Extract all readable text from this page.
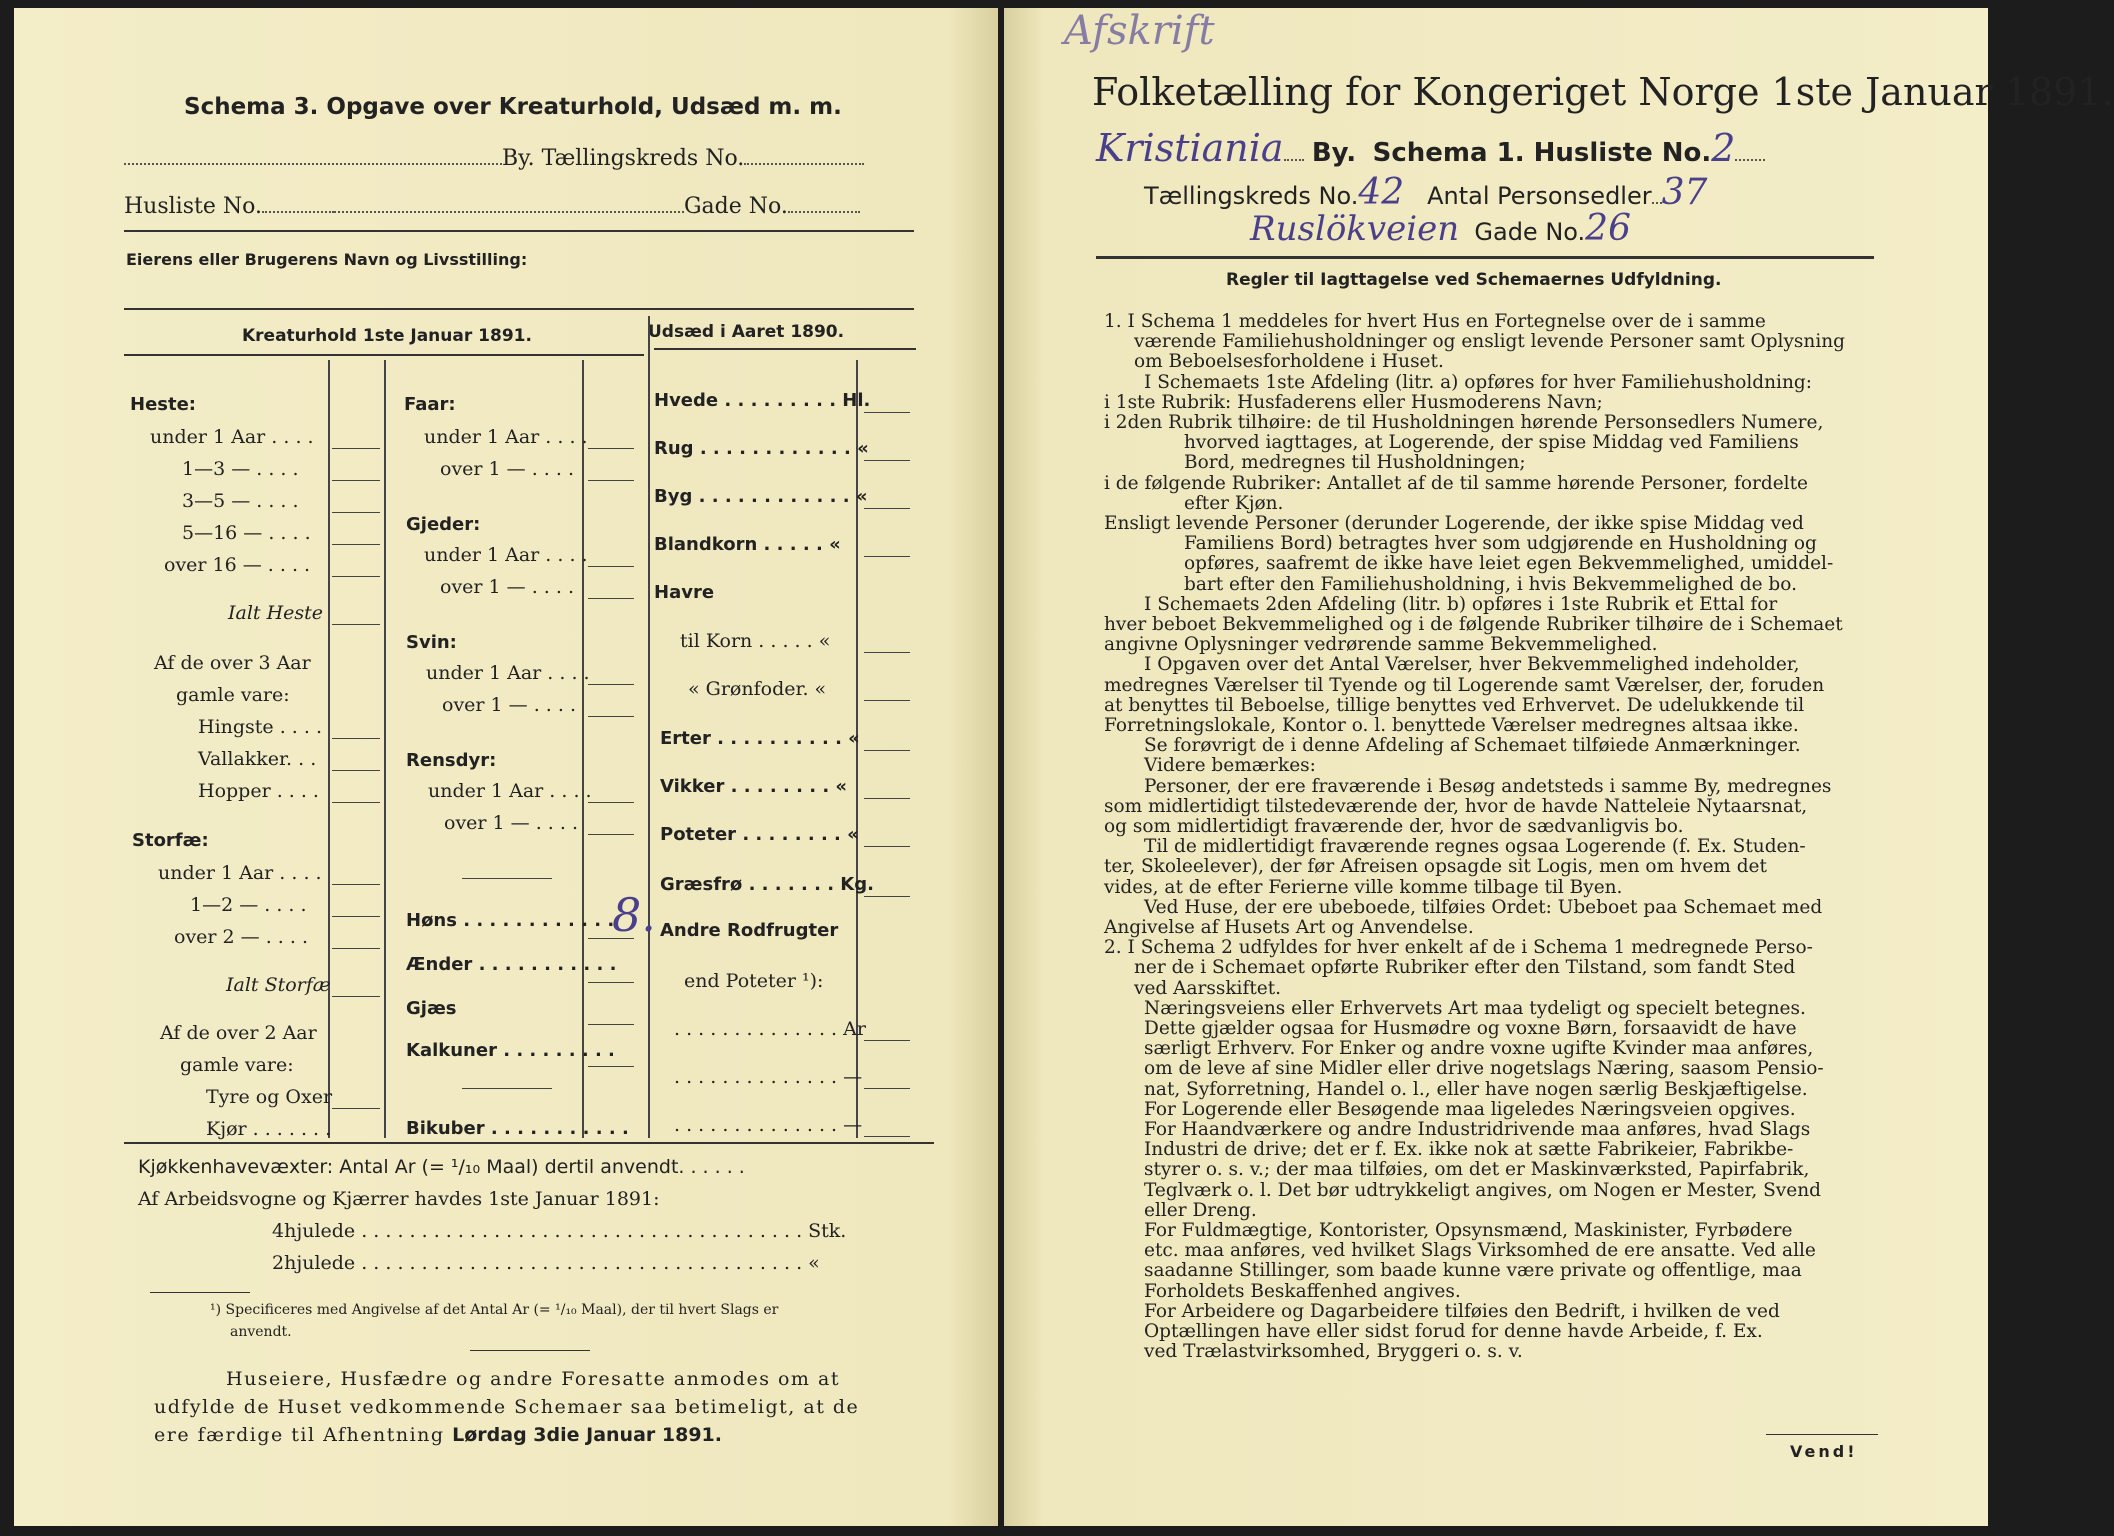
Schema 3. Opgave over Kreaturhold, Udsæd m. m.
By. Tællingskreds No.
Husliste No.	Gade No.
Eierens eller Brugerens Navn og Livsstilling:
Kreaturhold 1ste Januar 1891.	Udsæd i Aaret 1890.
Heste:
under 1 Aar . . . .
1—3 — . . . .
3—5 — . . . .
5—16 — . . . .
over 16 — . . . .
Ialt Heste
Af de over 3 Aar
gamle vare:
Hingste . . . .
Vallakker. . .
Hopper . . . .
Storfæ:
under 1 Aar . . . .
1—2 — . . . .
over 2 — . . . .
Ialt Storfæ
Af de over 2 Aar
gamle vare:
Tyre og Oxer
Kjør . . . . . . .
Faar:
under 1 Aar . . . .
over 1 — . . . .
Gjeder:
under 1 Aar . . . .
over 1 — . . . .
Svin:
under 1 Aar . . . .
over 1 — . . . .
Rensdyr:
under 1 Aar . . . .
over 1 — . . . .
Høns . . . . . . . . . . . .
8.
Ænder . . . . . . . . . . .
Gjæs
Kalkuner . . . . . . . . .
Bikuber . . . . . . . . . . .
Hvede . . . . . . . . . Hl.
Rug . . . . . . . . . . . . «
Byg . . . . . . . . . . . . «
Blandkorn . . . . . «
Havre
til Korn . . . . . «
« Grønfoder. «
Erter . . . . . . . . . . «
Vikker . . . . . . . . «
Poteter . . . . . . . . «
Græsfrø . . . . . . . Kg.
Andre Rodfrugter
end Poteter ¹):
. . . . . . . . . . . . . . Ar
. . . . . . . . . . . . . . —
. . . . . . . . . . . . . . —
Kjøkkenhavevæxter: Antal Ar (= ¹/₁₀ Maal) dertil anvendt. . . . . .
Af Arbeidsvogne og Kjærrer havdes 1ste Januar 1891:
4hjulede . . . . . . . . . . . . . . . . . . . . . . . . . . . . . . . . . . . . . Stk.
2hjulede . . . . . . . . . . . . . . . . . . . . . . . . . . . . . . . . . . . . . «
¹) Specificeres med Angivelse af det Antal Ar (= ¹/₁₀ Maal), der til hvert Slags er
anvendt.
Huseiere, Husfædre og andre Foresatte anmodes om at
udfylde de Huset vedkommende Schemaer saa betimeligt, at de
ere færdige til Afhentning Lørdag 3die Januar 1891.
Afskrift
Folketælling for Kongeriget Norge 1ste Januar 1891.
Kristiania By. Schema 1. Husliste No.2
Tællingskreds No.42 Antal Personsedler 37
Ruslökveien Gade No.26
Regler til Iagttagelse ved Schemaernes Udfyldning.
1. I Schema 1 meddeles for hvert Hus en Fortegnelse over de i samme
værende Familiehusholdninger og ensligt levende Personer samt Oplysning
om Beboelsesforholdene i Huset.
I Schemaets 1ste Afdeling (litr. a) opføres for hver Familiehusholdning:
i 1ste Rubrik: Husfaderens eller Husmoderens Navn;
i 2den Rubrik tilhøire: de til Husholdningen hørende Personsedlers Numere,
hvorved iagttages, at Logerende, der spise Middag ved Familiens
Bord, medregnes til Husholdningen;
i de følgende Rubriker: Antallet af de til samme hørende Personer, fordelte
efter Kjøn.
Ensligt levende Personer (derunder Logerende, der ikke spise Middag ved
Familiens Bord) betragtes hver som udgjørende en Husholdning og
opføres, saafremt de ikke have leiet egen Bekvemmelighed, umiddel-
bart efter den Familiehusholdning, i hvis Bekvemmelighed de bo.
I Schemaets 2den Afdeling (litr. b) opføres i 1ste Rubrik et Ettal for
hver beboet Bekvemmelighed og i de følgende Rubriker tilhøire de i Schemaet
angivne Oplysninger vedrørende samme Bekvemmelighed.
I Opgaven over det Antal Værelser, hver Bekvemmelighed indeholder,
medregnes Værelser til Tyende og til Logerende samt Værelser, der, foruden
at benyttes til Beboelse, tillige benyttes ved Erhvervet. De udelukkende til
Forretningslokale, Kontor o. l. benyttede Værelser medregnes altsaa ikke.
Se forøvrigt de i denne Afdeling af Schemaet tilføiede Anmærkninger.
Videre bemærkes:
Personer, der ere fraværende i Besøg andetsteds i samme By, medregnes
som midlertidigt tilstedeværende der, hvor de havde Natteleie Nytaarsnat,
og som midlertidigt fraværende der, hvor de sædvanligvis bo.
Til de midlertidigt fraværende regnes ogsaa Logerende (f. Ex. Studen-
ter, Skoleelever), der før Afreisen opsagde sit Logis, men om hvem det
vides, at de efter Ferierne ville komme tilbage til Byen.
Ved Huse, der ere ubeboede, tilføies Ordet: Ubeboet paa Schemaet med
Angivelse af Husets Art og Anvendelse.
2. I Schema 2 udfyldes for hver enkelt af de i Schema 1 medregnede Perso-
ner de i Schemaet opførte Rubriker efter den Tilstand, som fandt Sted
ved Aarsskiftet.
Næringsveiens eller Erhvervets Art maa tydeligt og specielt betegnes.
Dette gjælder ogsaa for Husmødre og voxne Børn, forsaavidt de have
særligt Erhverv. For Enker og andre voxne ugifte Kvinder maa anføres,
om de leve af sine Midler eller drive nogetslags Næring, saasom Pensio-
nat, Syforretning, Handel o. l., eller have nogen særlig Beskjæftigelse.
For Logerende eller Besøgende maa ligeledes Næringsveien opgives.
For Haandværkere og andre Industridrivende maa anføres, hvad Slags
Industri de drive; det er f. Ex. ikke nok at sætte Fabrikeier, Fabrikbe-
styrer o. s. v.; der maa tilføies, om det er Maskinværksted, Papirfabrik,
Teglværk o. l. Det bør udtrykkeligt angives, om Nogen er Mester, Svend
eller Dreng.
For Fuldmægtige, Kontorister, Opsynsmænd, Maskinister, Fyrbødere
etc. maa anføres, ved hvilket Slags Virksomhed de ere ansatte. Ved alle
saadanne Stillinger, som baade kunne være private og offentlige, maa
Forholdets Beskaffenhed angives.
For Arbeidere og Dagarbeidere tilføies den Bedrift, i hvilken de ved
Optællingen have eller sidst forud for denne havde Arbeide, f. Ex.
ved Trælastvirksomhed, Bryggeri o. s. v.
Vend!
